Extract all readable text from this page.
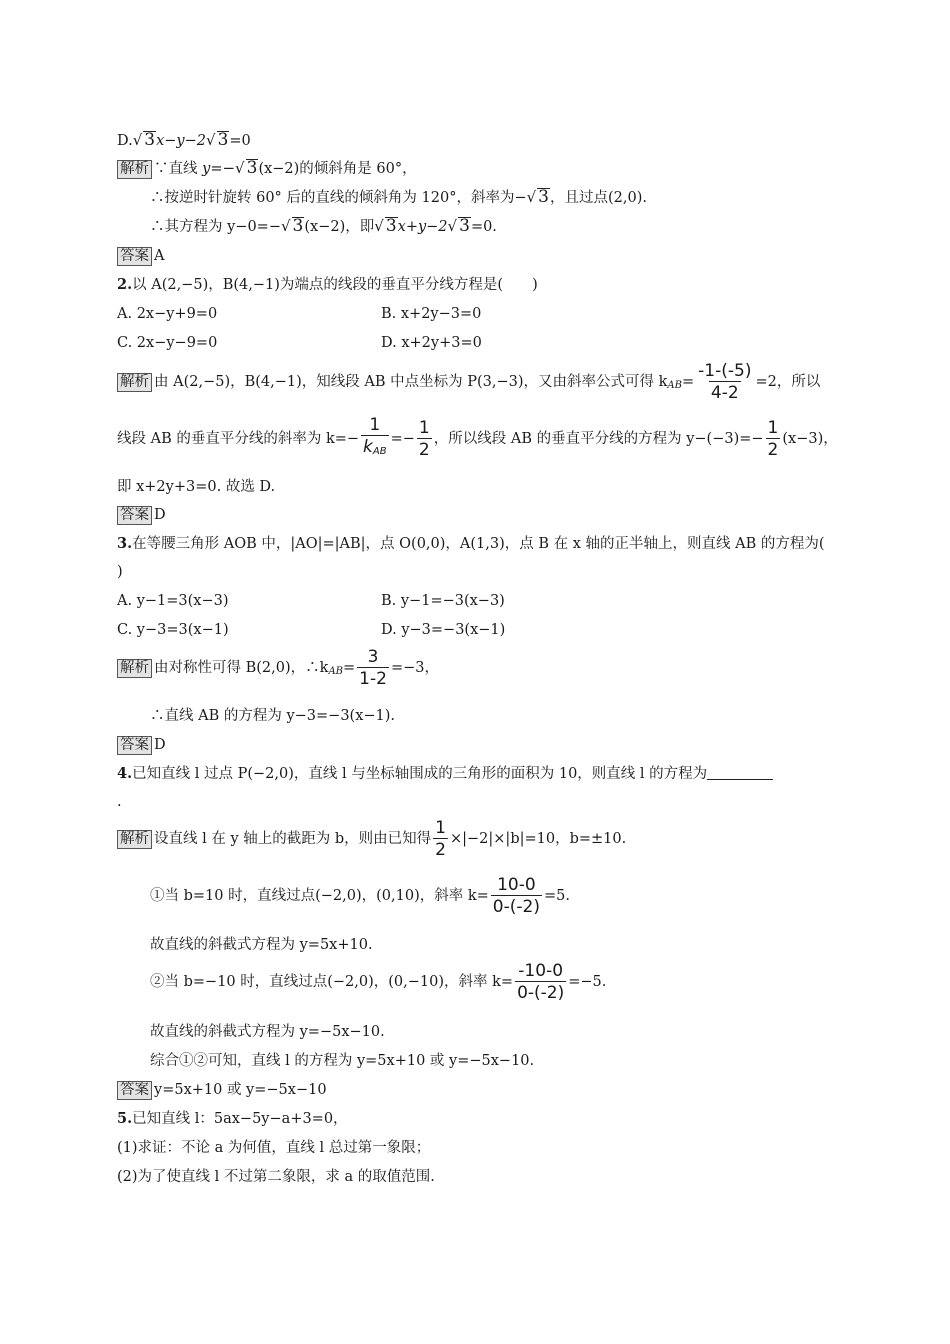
D.√ 3x−y−2√ 3=0
解析 ∵直线 y=−√ 3(x−2)的倾斜角是 60°，
∴按逆时针旋转 60° 后的直线的倾斜角为 120°，斜率为−√ 3，且过点(2,0).
∴其方程为 y−0=−√ 3(x−2)，即√ 3x+y−2√ 3=0.
答案 A
2.以 A(2,−5)，B(4,−1)为端点的线段的垂直平分线方程是(　　)
A. 2x−y+9=0	B. x+2y−3=0
C. 2x−y−9=0	D. x+2y+3=0
解析 由 A(2,−5)，B(4,−1)，知线段 AB 中点坐标为 P(3,−3)，又由斜率公式可得 $k_{AB}= \frac{-1-(-5)}{4-2} =2$，所以
线段 AB 的垂直平分线的斜率为 $k=- \frac{1}{k_{AB}} =- \frac{1}{2}$ ，所以线段 AB 的垂直平分线的方程为 $y-(-3)=- \frac{1}{2} (x-3)$，
即 x+2y+3=0. 故选 D.
答案 D
3.在等腰三角形 AOB 中，|AO|=|AB|，点 O(0,0)，A(1,3)，点 B 在 x 轴的正半轴上，则直线 AB 的方程为(
)
A. y−1=3(x−3)	B. y−1=−3(x−3)
C. y−3=3(x−1)	D. y−3=−3(x−1)
解析 由对称性可得 B(2,0)，$\therefore k_{AB}= \frac{3}{1-2} =-3$，
∴直线 AB 的方程为 y−3=−3(x−1).
答案 D
4.已知直线 l 过点 P(−2,0)，直线 l 与坐标轴围成的三角形的面积为 10，则直线 l 的方程为
.
解析 设直线 l 在 y 轴上的截距为 b，则由已知得 $\frac{1}{2} \times|-2|\times|b|=10$，b=±10.
①当 b=10 时，直线过点(−2,0)，(0,10)，斜率 $k= \frac{10-0}{0-(-2)} =5$.
故直线的斜截式方程为 y=5x+10.
②当 b=−10 时，直线过点(−2,0)，(0,−10)，斜率 $k= \frac{-10-0}{0-(-2)} =-5$.
故直线的斜截式方程为 y=−5x−10.
综合①②可知，直线 l 的方程为 y=5x+10 或 y=−5x−10.
答案 y=5x+10 或 y=−5x−10
5.已知直线 l：5ax−5y−a+3=0，
(1)求证：不论 a 为何值，直线 l 总过第一象限；
(2)为了使直线 l 不过第二象限，求 a 的取值范围.
